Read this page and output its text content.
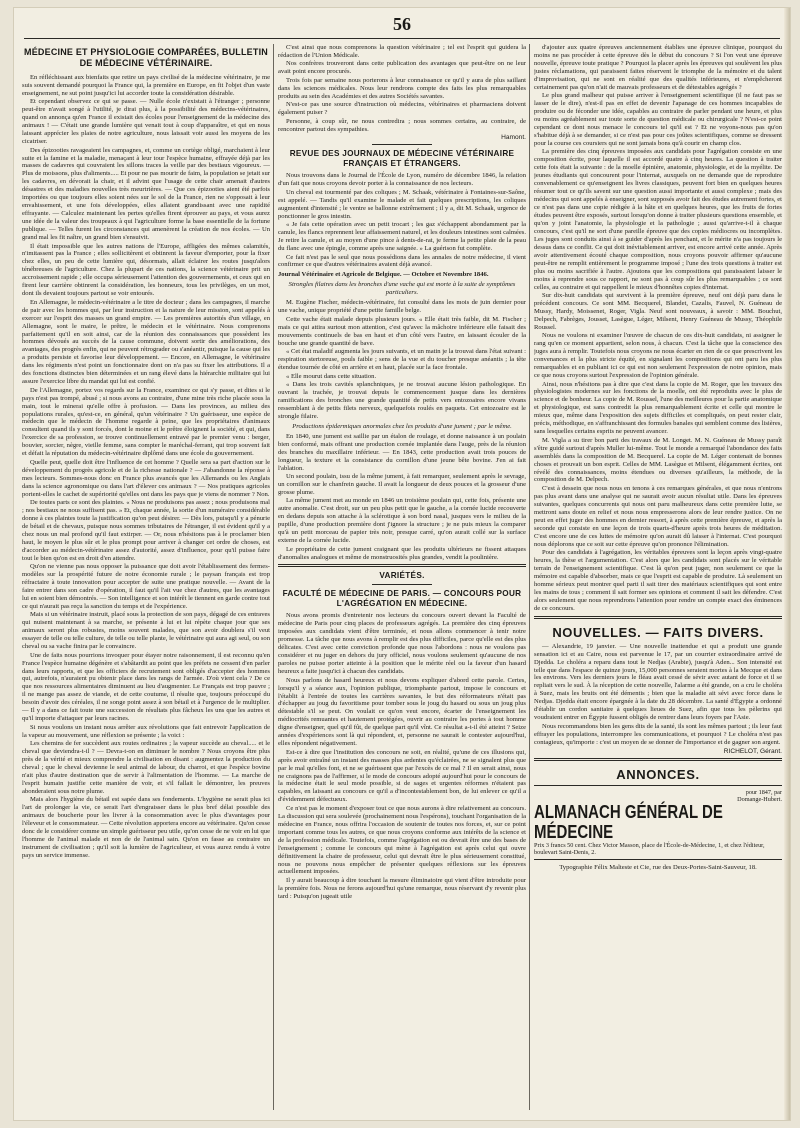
56
MÉDECINE ET PHYSIOLOGIE COMPARÉES, BULLETIN DE MÉDECINE VÉTÉRINAIRE.

En réfléchissant aux bienfaits que retire un pays civilisé de la médecine vétérinaire, je me suis souvent demandé pourquoi la France qui, la première en Europe, en fit l'objet d'un vaste enseignement, ne sut point jusqu'ici lui accorder toute la considération désirable.

Et cependant observez ce qui se passe. — Nulle école n'existait à l'étranger ; personne peut-être n'avait songé à l'utilité, je dirai plus, à la possibilité des médecins-vétérinaires, quand on annonça qu'en France il existait des écoles pour l'enseignement de la médecine des animaux ! — C'était une grande lumière qui venait tout à coup d'apparaître, et qui en nous laissant apprécier les plaies de notre agriculture, nous laissait voir aussi les moyens de les cicatriser.

Des épizooties ravageaient les campagnes, et, comme un cortège obligé, marchaient à leur suite et la famine et la maladie, menaçant à leur tour l'espèce humaine, effrayée déjà par les masses de cadavres qui couvraient les sillons traces la veille par des bestiaux vigoureux. — Plus de moissons, plus d'aliments..... Et pour ne pas mourir de faim, la population se jetait sur les cadavres, en dévorait la chair, et il advint que l'usage de cette chair amenait d'autres désastres et des maladies nouvelles très meurtrières. — Que ces épizooties aient été parfois importées ou que toujours elles soient nées sur le sol de la France, rien ne s'opposait à leur envahissement, et une fois développées, elles allaient grandissant avec une rapidité effrayante. — Calculez maintenant les pertes qu'elles firent éprouver au pays, et vous aurez une idée de la valeur des troupeaux à qui l'agriculture forme la base essentielle de la fortune publique. — Telles furent les circonstances qui amenèrent la création de nos écoles. — Un grand mal les fit naître, un grand bien s'ensuivit.

Il était impossible que les autres nations de l'Europe, affligées des mêmes calamités, n'imitassent pas la France ; elles sollicitèrent et obtinrent la faveur d'emporter, pour la fixer chez elles, un peu de cette lumière qui, désormais, allait éclairer les routes jusqu'alors ténébreuses de l'agriculture. Chez la plupart de ces nations, la science vétérinaire prit un accroissement rapide ; elle occupa sérieusement l'attention des gouvernements, et ceux qui en firent leur carrière obtinrent la considération, les honneurs, tous les privilèges, en un mot, dont ils devaient toujours partout se voir entourés.

En Allemagne, le médecin-vétérinaire a le titre de docteur ; dans les campagnes, il marche de pair avec les hommes qui, par leur instruction et la nature de leur mission, sont appelés à exercer sur l'esprit des masses un grand empire. — Les premières autorités d'un village, en Allemagne, sont le maire, le prêtre, le médecin et le vétérinaire. Nous comprenons parfaitement qu'il en soit ainsi, car de la réunion des connaissances que possèdent les hommes dévoués au succès de la cause commune, doivent sortir des améliorations, des avantages, des progrès enfin, qui ne peuvent rétrograder ou s'anéantir, puisque la cause qui les a produits persiste et favorise leur développement. — Encore, en Allemagne, le vétérinaire dans les régiments n'est point un fonctionnaire dont on n'a pas su fixer les attributions. Il a des fonctions distinctes bien déterminées et un rang élevé dans la hiérarchie militaire qui lui assure l'exercice libre du mandat qui lui est confié.

De l'Allemagne, portez vos regards sur la France, examinez ce qui s'y passe, et dites si le pays n'est pas trompé, abusé ; si nous avons au contraire, d'une mine très riche placée sous la main, tout le minerai qu'elle offre à profusion. — Dans les provinces, au milieu des populations rurales, qu'est-ce, en général, qu'un vétérinaire ? Un guérisseur, une espèce de médecin que le médecin de l'homme regarde à peine, que les propriétaires d'animaux consultent quand ils y sont forcés, dont le moine et le prêtre éloignent la société, et qui, dans l'exercice de sa profession, se trouve continuellement entravé par le premier venu : berger, bouvier, sorcier, nègre, vieille femme, sans compter le maréchal-ferrant, qui trop souvent fait et défait la réputation du médecin-vétérinaire diplômé dans une école du gouvernement.

Quelle peut, quelle doit être l'influence de cet homme ? Quelle sera sa part d'action sur le développement du progrès agricole et de la richesse nationale ? — J'abandonne la réponse à mes lecteurs. Sommes-nous donc en France plus avancés que les Allemands ou les Anglais dans la science agronomique ou dans l'art d'élever ces animaux ? — Nos pratiques agricoles portent-elles le cachet de supériorité qu'elles ont dans les pays que je viens de nommer ? Non.

De toutes parts ce sont des plaintes. « Nous ne produisons pas assez ; nous produisons mal ; nos bestiaux ne nous suffisent pas. » Et, chaque année, la sortie d'un numéraire considérable donne à ces plaintes toute la justification qu'on peut désirer. — Dès lors, puisqu'il y a pénurie de bétail et de chevaux, puisque nous sommes tributaires de l'étranger, il est évident qu'il y a chez nous un mal profond qu'il faut extirper. — Or, nous n'hésitons pas à le proclamer bien haut, le moyen le plus sûr et le plus prompt pour arriver à changer cet ordre de choses, est d'accorder au médecin-vétérinaire assez d'autorité, assez d'influence, pour qu'il puisse faire tout le bien qu'on est en droit d'en attendre.

Qu'on ne vienne pas nous opposer la puissance que doit avoir l'établissement des fermes-modèles sur la prospérité future de notre économie rurale ; le paysan français est trop réfractaire à toute innovation pour accepter de suite une pratique nouvelle. — Avant de la faire entrer dans son cadre d'opération, il faut qu'il l'ait vue chez d'autres, que les avantages lui en soient bien démontrés. — Son intelligence et son intérêt le tiennent en garde contre tout ce qui n'aurait pas reçu la sanction du temps et de l'expérience.

Mais si un vétérinaire instruit, placé sous la protection de son pays, dégagé de ces entraves qui nuisent maintenant à sa marche, se présente à lui et lui répète chaque jour que ses animaux seront plus robustes, moins souvent malades, que son avoir doublera s'il veut essayer de telle ou telle culture, de telle ou telle plante, le vétérinaire qui aura agi seul, ou son cheval ou sa vache finira par le convaincre.

Une de faits nous pourrions invoquer pour étayer notre raisonnement, il est reconnu qu'en France l'espèce humaine dégénère et s'abâtardit au point que les préfets ne cessent d'en parler dans leurs rapports, et que les officiers de recrutement sont obligés d'accepter des hommes qui, autrefois, n'auraient pu obtenir place dans les rangs de l'armée. D'où vient cela ? De ce que nos ressources alimentaires diminuent au lieu d'augmenter. Le Français est trop pauvre ; il ne mange pas assez de viande, et de cette coutume, il résulte que, toujours préoccupé du besoin d'avoir des céréales, il ne songe point assez à son bétail et à l'urgence de le multiplier. — Il y a dans ce fait toute une succession de résultats plus fâcheux les uns que les autres et qu'il importe d'attaquer par leurs racines.

Si nous voulons un instant nous arrêter aux révolutions que fait entrevoir l'application de la vapeur au mouvement, une réflexion se présente ; la voici :

Les chemins de fer succèdent aux routes ordinaires ; la vapeur succède au cheval..... et le cheval que deviendra-t-il ? — Devra-t-on en diminuer le nombre ? Nous croyons être plus près de la vérité et mieux comprendre la civilisation en disant : augmentez la production du cheval ; que le cheval devienne le seul animal de labour, du charroi, et que l'espèce bovine n'ait plus d'autre destination que de servir à l'alimentation de l'homme. — La marche de l'esprit humain justifie cette manière de voir, et s'il fallait le démontrer, les preuves abonderaient sous notre plume.

Mais alors l'hygiène du bétail est sapée dans ses fondements. L'hygiène ne serait plus ici l'art de prolonger la vie, ce serait l'art d'engraisser dans le plus bref délai possible des animaux de boucherie pour les livrer à la consommation avec le plus d'avantages pour l'éleveur et le consommateur. — Cette révolution apportera encore au vétérinaire. Qu'on cesse donc de le considérer comme un simple guérisseur peu utile, qu'on cesse de ne voir en lui que l'homme de l'animal malade et non de de l'animal sain. Qu'on en fasse au contraire un instrument de civilisation ; qu'il soit la lumière de l'agriculteur, et vous aurez rendu à votre pays un service immense.

C'est ainsi que nous comprenons la question vétérinaire ; tel est l'esprit qui guidera la rédaction de l'Union Médicale.

Nos confrères trouveront dans cette publication des avantages que peut-être on ne leur avait point encore procurés.

Trois fois par semaine nous porterons à leur connaissance ce qu'il y aura de plus saillant dans les sciences médicales. Nous leur rendrons compte des faits les plus remarquables produits au sein des Académies et des autres Sociétés savantes.

N'est-ce pas une source d'instruction où médecins, vétérinaires et pharmaciens doivent également puiser ?

Personne, à coup sûr, ne nous contredira ; nous sommes certains, au contraire, de rencontrer partout des sympathies.

Hamont.
REVUE DES JOURNAUX DE MÉDECINE VÉTÉRINAIRE FRANÇAIS ET ÉTRANGERS.

Nous trouvons dans le Journal de l'École de Lyon, numéro de décembre 1846, la relation d'un fait que nous croyons devoir porter à la connaissance de nos lecteurs.

Un cheval est tourmenté par des coliques ; M. Schaak, vétérinaire à Fontaines-sur-Saône, est appelé. — Tandis qu'il examine le malade et fait quelques prescriptions, les coliques augmentent d'intensité ; le ventre se ballonne extrêmement ; il y a, dit M. Schaak, urgence de ponctionner le gros intestin.

« Je fais cette opération avec un petit trocart ; les gaz s'échappent abondamment par la canule, les flancs reprennent leur affaissement naturel, et les douleurs intestines sont calmées. Je retire la canule, et au moyen d'une pince à dents-de-rat, je ferme la petite plaie de la peau du flanc avec une épingle, comme après une saignée. » La guérison fut complète.

Ce fait n'est pas le seul que nous possédions dans les annales de notre médecine, il vient confirmer ce que d'autres vétérinaires avaient déjà avancé.

Journal Vétérinaire et Agricole de Belgique. — Octobre et Novembre 1846.
Strongles filaires dans les bronches d'une vache qui est morte à la suite de symptômes particuliers.

M. Eugène Fischer, médecin-vétérinaire, fut consulté dans les mois de juin dernier pour une vache, unique propriété d'une petite famille belge.

Cette vache était malade depuis plusieurs jours. « Elle était très faible, dit M. Fischer ; mais ce qui attira surtout mon attention, c'est qu'avec la mâchoire inférieure elle faisait des mouvements continuels de bas en haut et d'un côté vers l'autre, en laissant écouler de la bouche une grande quantité de bave.

« Cet état maladif augmenta les jours suivants, et un matin je la trouvai dans l'état suivant : respiration stertoreuse, pouls faible ; sens de la vue et du toucher presque anéantis ; la tête étendue tournée de côté en arrière et en haut, placée sur la face frontale.

« Elle mourut dans cette situation.

« Dans les trois cavités splanchniques, je ne trouvai aucune lésion pathologique. En ouvrant la trachée, je trouvai depuis le commencement jusque dans les dernières ramifications des bronches une grande quantité de petits vers entozoaires encore vivans ressemblant à de petits filets nerveux, quelquefois roulés en paquets. Cet entozoaire est le strongle filaire.

Productions épidermiques anormales chez les produits d'une jument ; par le même.

En 1840, une jument est saillie par un étalon de roulage, et donne naissance à un poulain bien conformé, mais offrant une production cornée implantée dans l'auge, près de la réunion des branches du maxillaire inférieur. — En 1843, cette production avait trois pouces de longueur, la texture et la consistance du cornillon d'une jeune bête bovine. J'en ai fait l'ablation.

Un second poulain, issu de la même jument, à fait remarquer, seulement après le sevrage, un cornillon sur le chanfrein gauche. Il avait la longueur de deux pouces et la grosseur d'une grosse plume.

La même jument met au monde en 1846 un troisième poulain qui, cette fois, présente une autre anomalie. C'est droit, sur un peu plus petit que le gauche, a la cornée lucide recouverte en dedans depuis son attache à la sclérotique à son bord nasal, jusques vers le milieu de la pupille, d'une production première dont j'ignore la structure ; je ne puis mieux la comparer qu'à un petit morceau de papier très noir, presque carré, qu'on aurait collé sur la surface externe de la cornée lucide.

Le propriétaire de cette jument craignant que les produits ultérieurs ne fissent attaques d'anomalies analogues et même de monstruosités plus grandes, vendit la poulinière.

VARIÉTÉS.
FACULTÉ DE MÉDECINE DE PARIS. — CONCOURS POUR L'AGRÉGATION EN MÉDECINE.

Nous avons promis d'entretenir nos lecteurs du concours ouvert devant la Faculté de médecine de Paris pour cinq places de professeurs agrégés. La première des cinq épreuves imposées aux candidats vient d'être terminée, et nous allons commencer à tenir notre promesse. La tâche que nous avons à remplir est des plus difficiles, parce qu'elle est des plus délicates. C'est avec cette conviction profonde que nous l'abordons : nous ne voulons pas considérer et nu juger en dehors du jury officiel, nous voulons seulement qu'aucune de nos paroles ne puisse porter atteinte à la position que le mérite réel ou la faveur d'un hasard heureux a faite jusqu'ici à chacun des candidats.

Nous parlons de hasard heureux et nous devons expliquer d'abord cette parole. Certes, lorsqu'il y a séance aux, l'opinion publique, triomphante partout, impose le concours et l'établit à l'entrée de toutes les carrières savantes, le but des réformateurs n'était pas d'échapper au joug du favoritisme pour tomber sous le joug du hasard ou sous un joug plus détestable s'il se peut. On voulait ce qu'on veut encore, écarter de l'enseignement les médiocrités remuantes et hautement protégées, ouvrir au contraire les portes à tout homme digne d'enseigner, quel qu'il fût, de quelque part qu'il vînt. Ce résultat a-t-il été atteint ? Seize années d'expériences sont là qui répondent, et, personne ne saurait le contester aujourd'hui, elles répondent négativement.

Est-ce à dire que l'institution des concours ne soit, en réalité, qu'une de ces illusions qui, après avoir entraîné un instant des masses plus ardentes qu'éclairées, ne se signalent plus que par le mal qu'elles font, et ne se guérissent que par l'excès de ce mal ? Il en serait ainsi, nous ne craignons pas de l'affirmer, si le mode de concours adopté aujourd'hui pour le concours de la médecine était le seul mode possible, si de sages et urgentes réformes n'étaient pas capables, en laissant au concours ce qu'il a d'incontestablement bon, de lui enlever ce qu'il a d'évidemment défectueux.

Ce n'est pas le moment d'exposer tout ce que nous aurons à dire relativement au concours. La discussion qui sera soulevée (prochainement nous l'espérons), touchant l'organisation de la médecine en France, nous offrira l'occasion de soutenir de toutes nos forces, et, sur ce point important comme tous les autres, ce que nous croyons conforme aux intérêts de la science et de la profession médicale. Toutefois, comme l'agrégation est ou devrait être une des bases de l'enseignement ; comme le concours qui mène à l'agrégation est après celui qui ouvre définitivement la chaire de professeur, celui qui devrait être le plus sérieusement constitué, nous ne pouvons nous empêcher de présenter quelques réflexions sur les épreuves actuellement imposées.

Il y aurait beaucoup à dire touchant la mesure éliminatoire qui vient d'être introduite pour la première fois. Nous ne ferons aujourd'hui qu'une remarque, nous réservant d'y revenir plus tard : Puisqu'on jugeait utile

d'ajouter aux quatre épreuves anciennement établies une épreuve clinique, pourquoi du moins ne pas procéder à cette épreuve dès le début du concours ? Si l'on veut une épreuve nouvelle, épreuve toute pratique ? Pourquoi la placer après les épreuves qui soulèvent les plus justes réclamations, qui paraissent faites réservent le triomphe de la mémoire et du talent d'improvisation, qui ne sont en réalité que des qualités inférieures, et n'empêcheront certainement pas qu'on n'ait de mauvais professeurs et de détestables agrégés ?

Le plus grand malheur qui puisse arriver à l'enseignement scientifique (il ne faut pas se lasser de le dire), n'est-il pas en effet de devenir l'apanage de ces hommes incapables de produire ou de féconder une idée, capables au contraire de parler pendant une heure, et plus ou moins agréablement sur toute sorte de question médicale ou chirurgicale ? N'est-ce point cependant ce dont nous menace le concours tel qu'il est ? Et ne voyons-nous pas qu'on s'habitue déjà à se demander, si ce n'est pas pour ces joûtes scientifiques, comme se dressent pour la course ces coursiers qui ne sont jamais bons qu'à courir en champ clos.

La première des cinq épreuves imposées aux candidats pour l'agrégation consiste en une composition écrite, pour laquelle il est accordé quatre à cinq heures. La question à traiter cette fois était la suivante : de la moelle épinière, anatomie, physiologie, et de la myélite. De jeunes étudiants qui concourent pour l'internat, auxquels on ne demande que de reproduire convenablement ce qu'enseignent les livres classiques, peuvent fort bien en quelques heures résumer tout ce qu'ils savent sur une question aussi importante et aussi complexe ; mais des médecins qui sont appelés à enseigner, sont supposés avoir fait des études autrement fortes, et ce n'est pas dans une copie rédigée à la hâte et en quelques heures, que les fruits de fortes études peuvent être exposés, surtout lorsqu'on donne à traiter plusieurs questions ensemble, et qu'on y joint l'anatomie, la physiologie et la pathologie ; aussi qu'arrive-t-il à chaque concours, c'est qu'il ne sort d'une pareille épreuve que des copies médiocres ou incomplètes. Les juges sont conduits ainsi à se guider d'après les penchant, et le mérite n'a pas toujours le dessus dans ce conflit. Ce qui doit inévitablement arriver, est encore arrivé cette année. Après avoir attentivement écouté chaque composition, nous croyons pouvoir affirmer qu'aucune peut-être ne remplit entièrement le programme imposé ; l'une des trois questions à traiter est plus ou moins sacrifiée à l'autre. Ajoutons que les compositions qui paraissaient laisser le moins à reprendre sous ce rapport, ne sont pas à coup sûr les plus remarquables ; ce sont celles, au contraire et qui rappellent le mieux d'honnêtes copies d'internat.

Sur dix-huit candidats qui survivent à la première épreuve, neuf ont déjà paru dans le précédent concours. Ce sont MM. Becquerel, Blandet, Cazalis, Fauvel, N. Guéneau de Mussy, Hardy, Moissenet, Roger, Vigla. Neuf sont nouveaux, à savoir : MM. Bouchut, Delpech, Fabrèges, Jousset, Lasègue, Léger, Milsent, Henry Guéneau de Mussy, Théophile Roussel.

Nous ne voulons ni examiner l'œuvre de chacun de ces dix-huit candidats, ni assigner le rang qu'en ce moment appartient, selon nous, à chacun. C'est la tâche que la conscience des juges aura à remplir. Toutefois nous croyons ne nous écarter en rien de ce que prescrivent les convenances et la plus stricte équité, en signalant les compositions qui ont paru les plus remarquables et en publiant ici ce qui est non seulement l'expression de notre opinion, mais ce que nous croyons surtout l'expression de l'opinion générale.

Ainsi, nous n'hésitons pas à dire que c'est dans la copie de M. Roger, que les travaux des physiologistes modernes sur les fonctions de la moelle, ont été reproduits avec le plus de science et de bonheur. La copie de M. Roussel, l'une des meilleures pour la partie anatomique et physiologique, est sans contredit la plus remarquablement écrite et celle qui montre le mieux que, même dans l'exposition des sujets difficiles et compliqués, on peut rester clair, précis, méthodique, en s'affranchissant des formules banales qui semblent comme des lisières, sans lesquelles certains esprits ne peuvent avancer.

M. Vigla a su tirer bon parti des travaux de M. Longet. M. N. Guéneau de Mussy paraît s'être guidé surtout d'après Muller lui-même. Tout le monde a remarqué l'abondance des faits assemblés dans la composition de M. Becquerel. La copie de M. Léger contenait de bonnes choses et prouvait un bon esprit. Celles de MM. Lasègue et Milsent, élégamment écrites, ont révélé des connaissances, moins étendues ou diverses qu'ailleurs, la méthode, de la composition de M. Delpech.

C'est à dessein que nous nous en tenons à ces remarques générales, et que nous n'entrons pas plus avant dans une analyse qui ne saurait avoir aucun résultat utile. Dans les épreuves suivantes, quelques concurrents qui nous ont paru malheureux dans cette première lutte, se mettront sans doute en relief et nous nous empresserons alors de leur rendre justice. On ne peut en effet juger des hommes en dernier ressort, à après cette première épreuve, et après la seconde qui consiste en une leçon de trois quarts-d'heure après trois heures de méditation. C'est encore une de ces luttes de mémoire qu'on aurait dû laisser à l'internat. C'est pourquoi nous déplorons que ce soit sur cette épreuve qu'on prononce l'élimination.

Pour des candidats à l'agrégation, les véritables épreuves sont la leçon après vingt-quatre heures, la thèse et l'argumentation. C'est alors que les candidats sont placés sur le véritable terrain de l'enseignement scientifique. C'est là qu'on peut juger, non seulement ce que la mémoire est capable d'absorber, mais ce que l'esprit est capable de produire. Là seulement un homme sérieux peut montrer quel parti il sait tirer des matériaux scientifiques qui sont entre les mains de tous ; comment il sait former ses opinions et comment il sait les défendre. C'est alors seulement que nous reprendrons l'attention pour rendre un compte exact des éminences de ce concours.

NOUVELLES. — FAITS DIVERS.

— Alexandrie, 19 janvier. — Une nouvelle inattendue et qui a produit une grande sensation ici et au Caire, nous est parvenue le 17, par un courrier extraordinaire arrivé de Djedda. Le choléra a reparu dans tout le Nedjas (Arabie), jusqu'à Aden... Son intensité est telle que dans l'espace de quinze jours, 15,000 personnes seraient mortes à la Mecque et dans les environs. Vers les derniers jours le fléau avait cessé de sévir avec autant de force et il se repliait vers le sud. À la réception de cette nouvelle, l'alarme a été grande, on a cru le choléra à Suez, mais les bruits ont été démentis ; bien que la maladie ait sévi avec force dans le Nedjas. Djedda était encore épargnée à la date du 28 décembre. La santé d'Égypte a ordonné d'établir un cordon sanitaire à quelques lieues de Suez, afin que tous les pèlerins qui voudraient entrer en Égypte fussent obligés de rentrer dans leurs foyers par l'Asie.

Nous recommandons bien les gens dits de la santé, ils sont les mêmes partout ; ils leur faut effrayer les populations, interrompre les communications, et pourquoi ? Le choléra n'est pas contagieux, qu'importe : c'est un moyen de se donner de l'importance et de gagner son argent.

RICHELOT, Gérant.
ANNONCES.
pour 1847, par Domange-Hubert.
ALMANACH GÉNÉRAL DE MÉDECINE
Prix 3 francs 50 cent. Chez Victor Masson, place de l'École-de-Médecine, 1, et chez l'éditeur, boulevart Saint-Denis, 2.
Typographie Félix Malteste et Cie, rue des Deux-Portes-Saint-Sauveur, 18.
